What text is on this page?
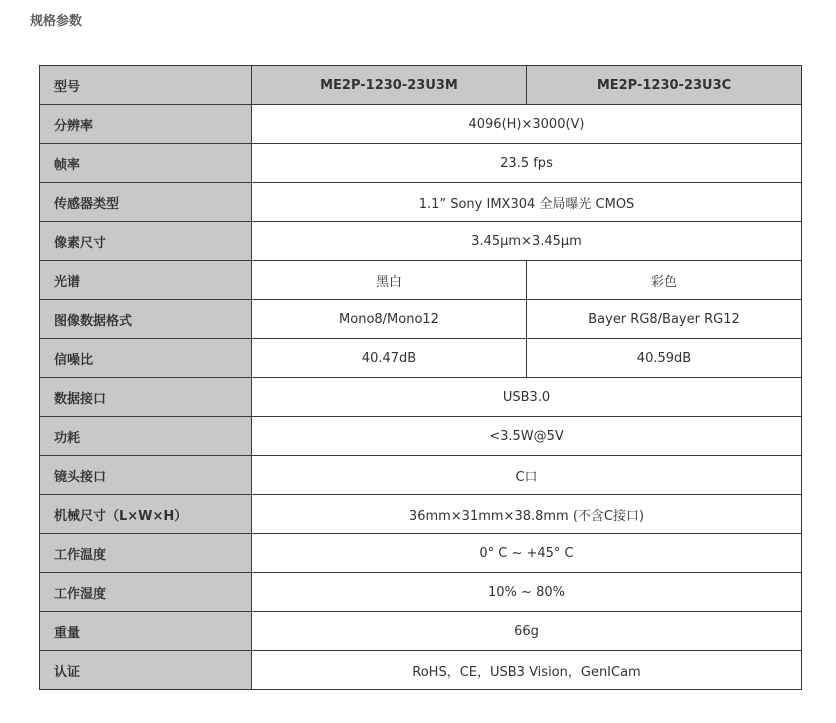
规格参数
型号	ME2P-1230-23U3M	ME2P-1230-23U3C
分辨率	4096(H)×3000(V)	
帧率	23.5 fps	
传感器类型	1.1” Sony IMX304 全局曝光 CMOS	
像素尺寸	3.45μm×3.45μm	
光谱	黑白	彩色
图像数据格式	Mono8/Mono12	Bayer RG8/Bayer RG12
信噪比	40.47dB	40.59dB
数据接口	USB3.0	
功耗	<3.5W@5V	
镜头接口	C口	
机械尺寸（L×W×H）	36mm×31mm×38.8mm (不含C接口)	
工作温度	0° C ~ +45° C	
工作湿度	10% ~ 80%	
重量	66g	
认证	RoHS，CE，USB3 Vision，GenICam	
